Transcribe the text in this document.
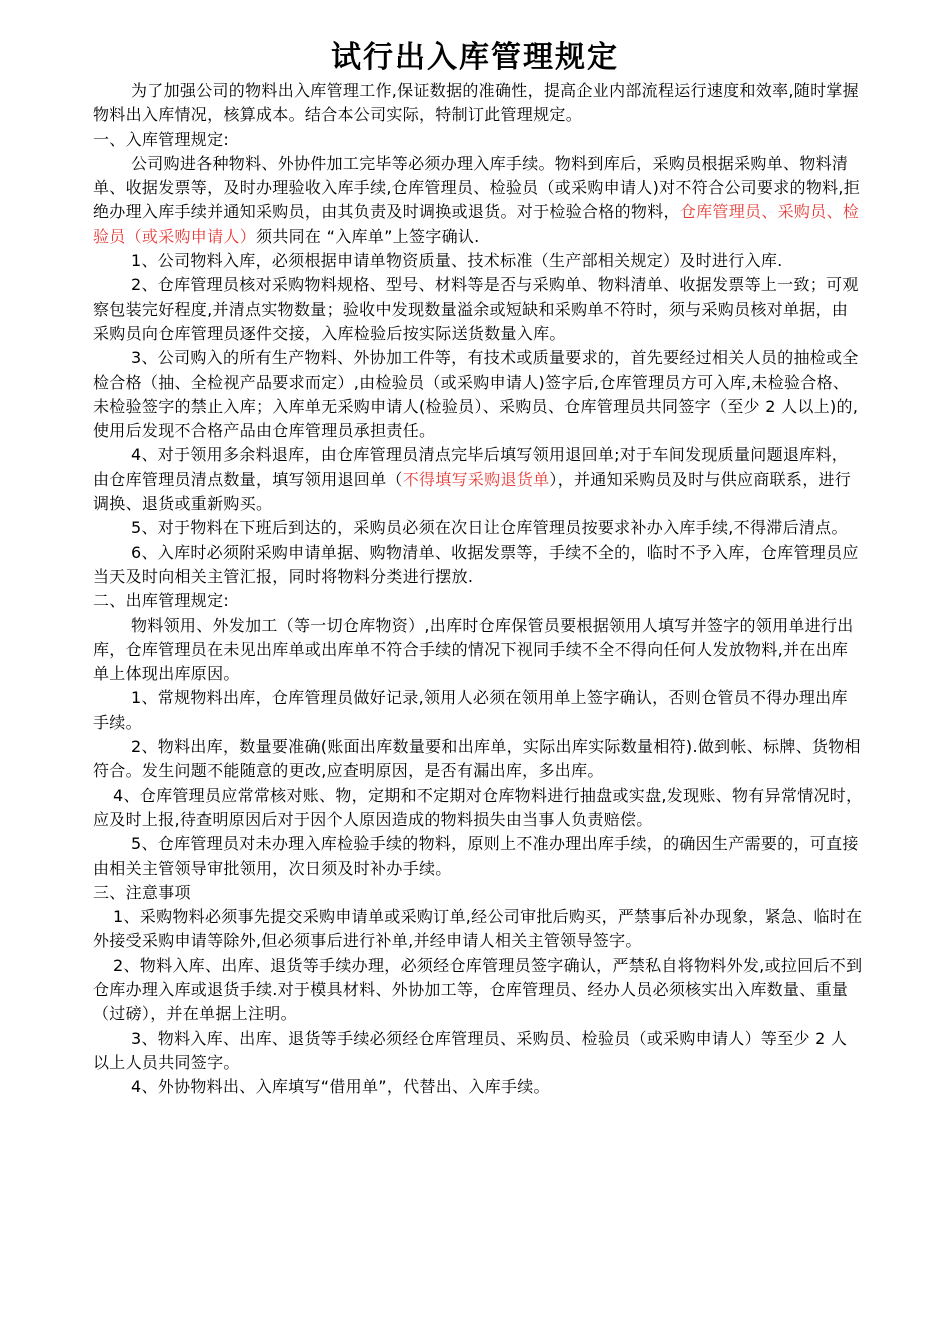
试行出入库管理规定

为了加强公司的物料出入库管理工作,保证数据的准确性，提高企业内部流程运行速度和效率,随时掌握物料出入库情况，核算成本。结合本公司实际，特制订此管理规定。

一、入库管理规定:

公司购进各种物料、外协件加工完毕等必须办理入库手续。物料到库后，采购员根据采购单、物料清单、收据发票等，及时办理验收入库手续,仓库管理员、检验员（或采购申请人)对不符合公司要求的物料,拒绝办理入库手续并通知采购员，由其负责及时调换或退货。对于检验合格的物料，仓库管理员、采购员、检验员（或采购申请人）须共同在 “入库单”上签字确认.

1、公司物料入库，必须根据申请单物资质量、技术标准（生产部相关规定）及时进行入库.

2、仓库管理员核对采购物料规格、型号、材料等是否与采购单、物料清单、收据发票等上一致；可观察包装完好程度,并清点实物数量；验收中发现数量溢余或短缺和采购单不符时，须与采购员核对单据，由采购员向仓库管理员逐件交接，入库检验后按实际送货数量入库。

3、公司购入的所有生产物料、外协加工件等，有技术或质量要求的，首先要经过相关人员的抽检或全检合格（抽、全检视产品要求而定）,由检验员（或采购申请人)签字后,仓库管理员方可入库,未检验合格、未检验签字的禁止入库；入库单无采购申请人(检验员）、采购员、仓库管理员共同签字（至少 2 人以上)的,使用后发现不合格产品由仓库管理员承担责任。

4、对于领用多余料退库，由仓库管理员清点完毕后填写领用退回单;对于车间发现质量问题退库料，由仓库管理员清点数量，填写领用退回单（不得填写采购退货单），并通知采购员及时与供应商联系，进行调换、退货或重新购买。

5、对于物料在下班后到达的，采购员必须在次日让仓库管理员按要求补办入库手续,不得滞后清点。

6、入库时必须附采购申请单据、购物清单、收据发票等，手续不全的，临时不予入库，仓库管理员应当天及时向相关主管汇报，同时将物料分类进行摆放.

二、出库管理规定:

物料领用、外发加工（等一切仓库物资）,出库时仓库保管员要根据领用人填写并签字的领用单进行出库，仓库管理员在未见出库单或出库单不符合手续的情况下视同手续不全不得向任何人发放物料,并在出库单上体现出库原因。

1、常规物料出库，仓库管理员做好记录,领用人必须在领用单上签字确认，否则仓管员不得办理出库手续。

2、物料出库，数量要准确(账面出库数量要和出库单，实际出库实际数量相符).做到帐、标牌、货物相符合。发生问题不能随意的更改,应查明原因，是否有漏出库，多出库。

4、仓库管理员应常常核对账、物，定期和不定期对仓库物料进行抽盘或实盘,发现账、物有异常情况时，应及时上报,待查明原因后对于因个人原因造成的物料损失由当事人负责赔偿。

5、仓库管理员对未办理入库检验手续的物料，原则上不准办理出库手续，的确因生产需要的，可直接由相关主管领导审批领用，次日须及时补办手续。

三、注意事项

1、采购物料必须事先提交采购申请单或采购订单,经公司审批后购买，严禁事后补办现象，紧急、临时在外接受采购申请等除外,但必须事后进行补单,并经申请人相关主管领导签字。

2、物料入库、出库、退货等手续办理，必须经仓库管理员签字确认，严禁私自将物料外发,或拉回后不到仓库办理入库或退货手续.对于模具材料、外协加工等，仓库管理员、经办人员必须核实出入库数量、重量（过磅），并在单据上注明。

3、物料入库、出库、退货等手续必须经仓库管理员、采购员、检验员（或采购申请人）等至少 2 人以上人员共同签字。

4、外协物料出、入库填写“借用单”，代替出、入库手续。
